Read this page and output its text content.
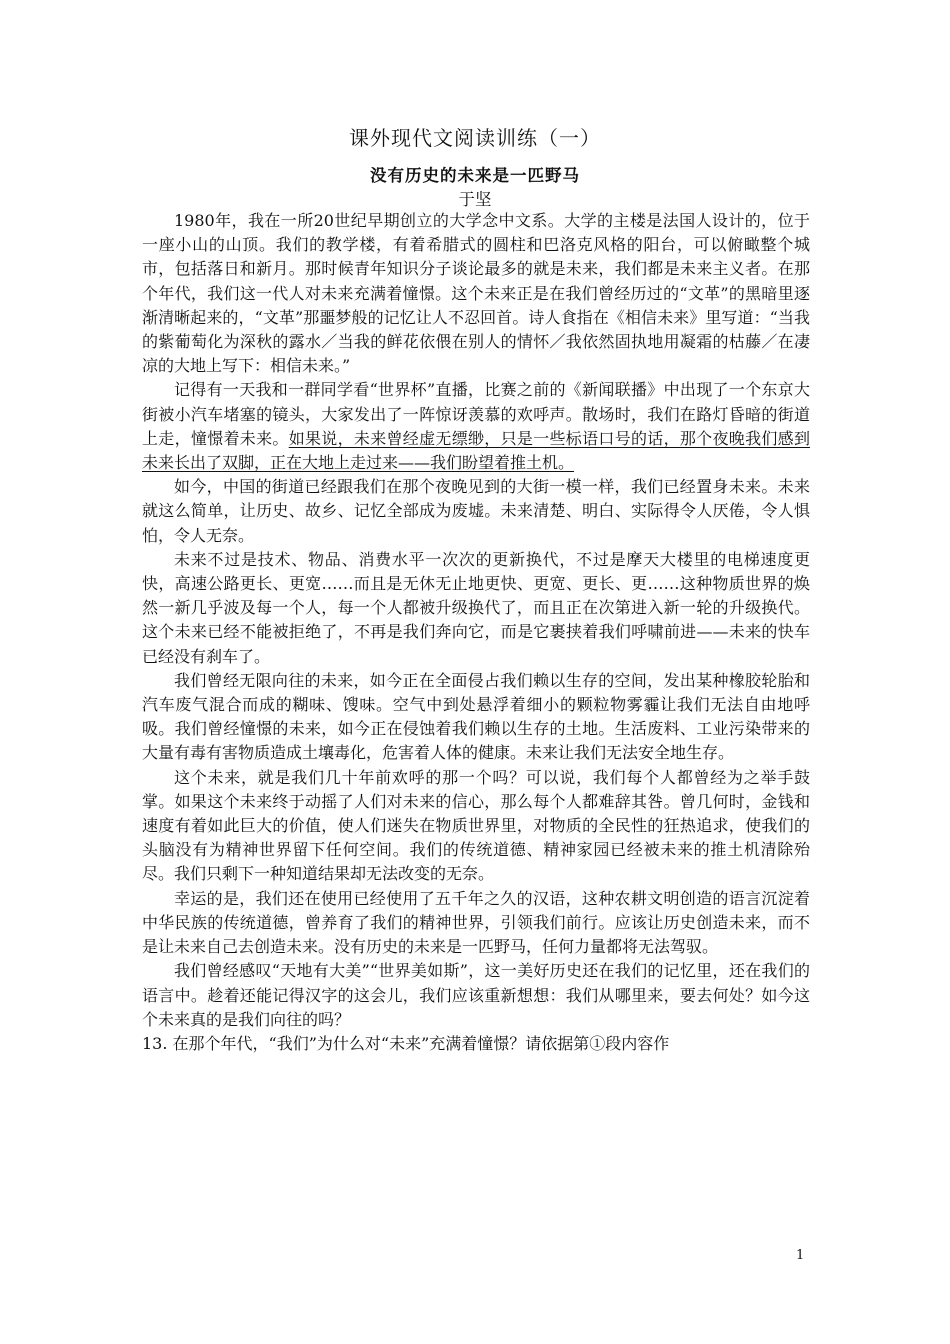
课外现代文阅读训练（一）
没有历史的未来是一匹野马
于坚

1980年，我在一所20世纪早期创立的大学念中文系。大学的主楼是法国人设计的，位于一座小山的山顶。我们的教学楼，有着希腊式的圆柱和巴洛克风格的阳台，可以俯瞰整个城市，包括落日和新月。那时候青年知识分子谈论最多的就是未来，我们都是未来主义者。在那个年代，我们这一代人对未来充满着憧憬。这个未来正是在我们曾经历过的“文革”的黑暗里逐渐清晰起来的，“文革”那噩梦般的记忆让人不忍回首。诗人食指在《相信未来》里写道：“当我的紫葡萄化为深秋的露水／当我的鲜花依偎在别人的情怀／我依然固执地用凝霜的枯藤／在凄凉的大地上写下：相信未来。”

记得有一天我和一群同学看“世界杯”直播，比赛之前的《新闻联播》中出现了一个东京大街被小汽车堵塞的镜头，大家发出了一阵惊讶羡慕的欢呼声。散场时，我们在路灯昏暗的街道上走，憧憬着未来。如果说，未来曾经虚无缥缈，只是一些标语口号的话，那个夜晚我们感到未来长出了双脚，正在大地上走过来——我们盼望着推土机。

如今，中国的街道已经跟我们在那个夜晚见到的大街一模一样，我们已经置身未来。未来就这么简单，让历史、故乡、记忆全部成为废墟。未来清楚、明白、实际得令人厌倦，令人惧怕，令人无奈。

未来不过是技术、物品、消费水平一次次的更新换代，不过是摩天大楼里的电梯速度更快，高速公路更长、更宽……而且是无休无止地更快、更宽、更长、更……这种物质世界的焕然一新几乎波及每一个人，每一个人都被升级换代了，而且正在次第进入新一轮的升级换代。这个未来已经不能被拒绝了，不再是我们奔向它，而是它裹挟着我们呼啸前进——未来的快车已经没有刹车了。

我们曾经无限向往的未来，如今正在全面侵占我们赖以生存的空间，发出某种橡胶轮胎和汽车废气混合而成的糊味、馊味。空气中到处悬浮着细小的颗粒物雾霾让我们无法自由地呼吸。我们曾经憧憬的未来，如今正在侵蚀着我们赖以生存的土地。生活废料、工业污染带来的大量有毒有害物质造成土壤毒化，危害着人体的健康。未来让我们无法安全地生存。

这个未来，就是我们几十年前欢呼的那一个吗？可以说，我们每个人都曾经为之举手鼓掌。如果这个未来终于动摇了人们对未来的信心，那么每个人都难辞其咎。曾几何时，金钱和速度有着如此巨大的价值，使人们迷失在物质世界里，对物质的全民性的狂热追求，使我们的头脑没有为精神世界留下任何空间。我们的传统道德、精神家园已经被未来的推土机清除殆尽。我们只剩下一种知道结果却无法改变的无奈。

幸运的是，我们还在使用已经使用了五千年之久的汉语，这种农耕文明创造的语言沉淀着中华民族的传统道德，曾养育了我们的精神世界，引领我们前行。应该让历史创造未来，而不是让未来自己去创造未来。没有历史的未来是一匹野马，任何力量都将无法驾驭。

我们曾经感叹“天地有大美”“世界美如斯”，这一美好历史还在我们的记忆里，还在我们的语言中。趁着还能记得汉字的这会儿，我们应该重新想想：我们从哪里来，要去何处？如今这个未来真的是我们向往的吗？

13. 在那个年代，“我们”为什么对“未来”充满着憧憬？请依据第①段内容作

1
